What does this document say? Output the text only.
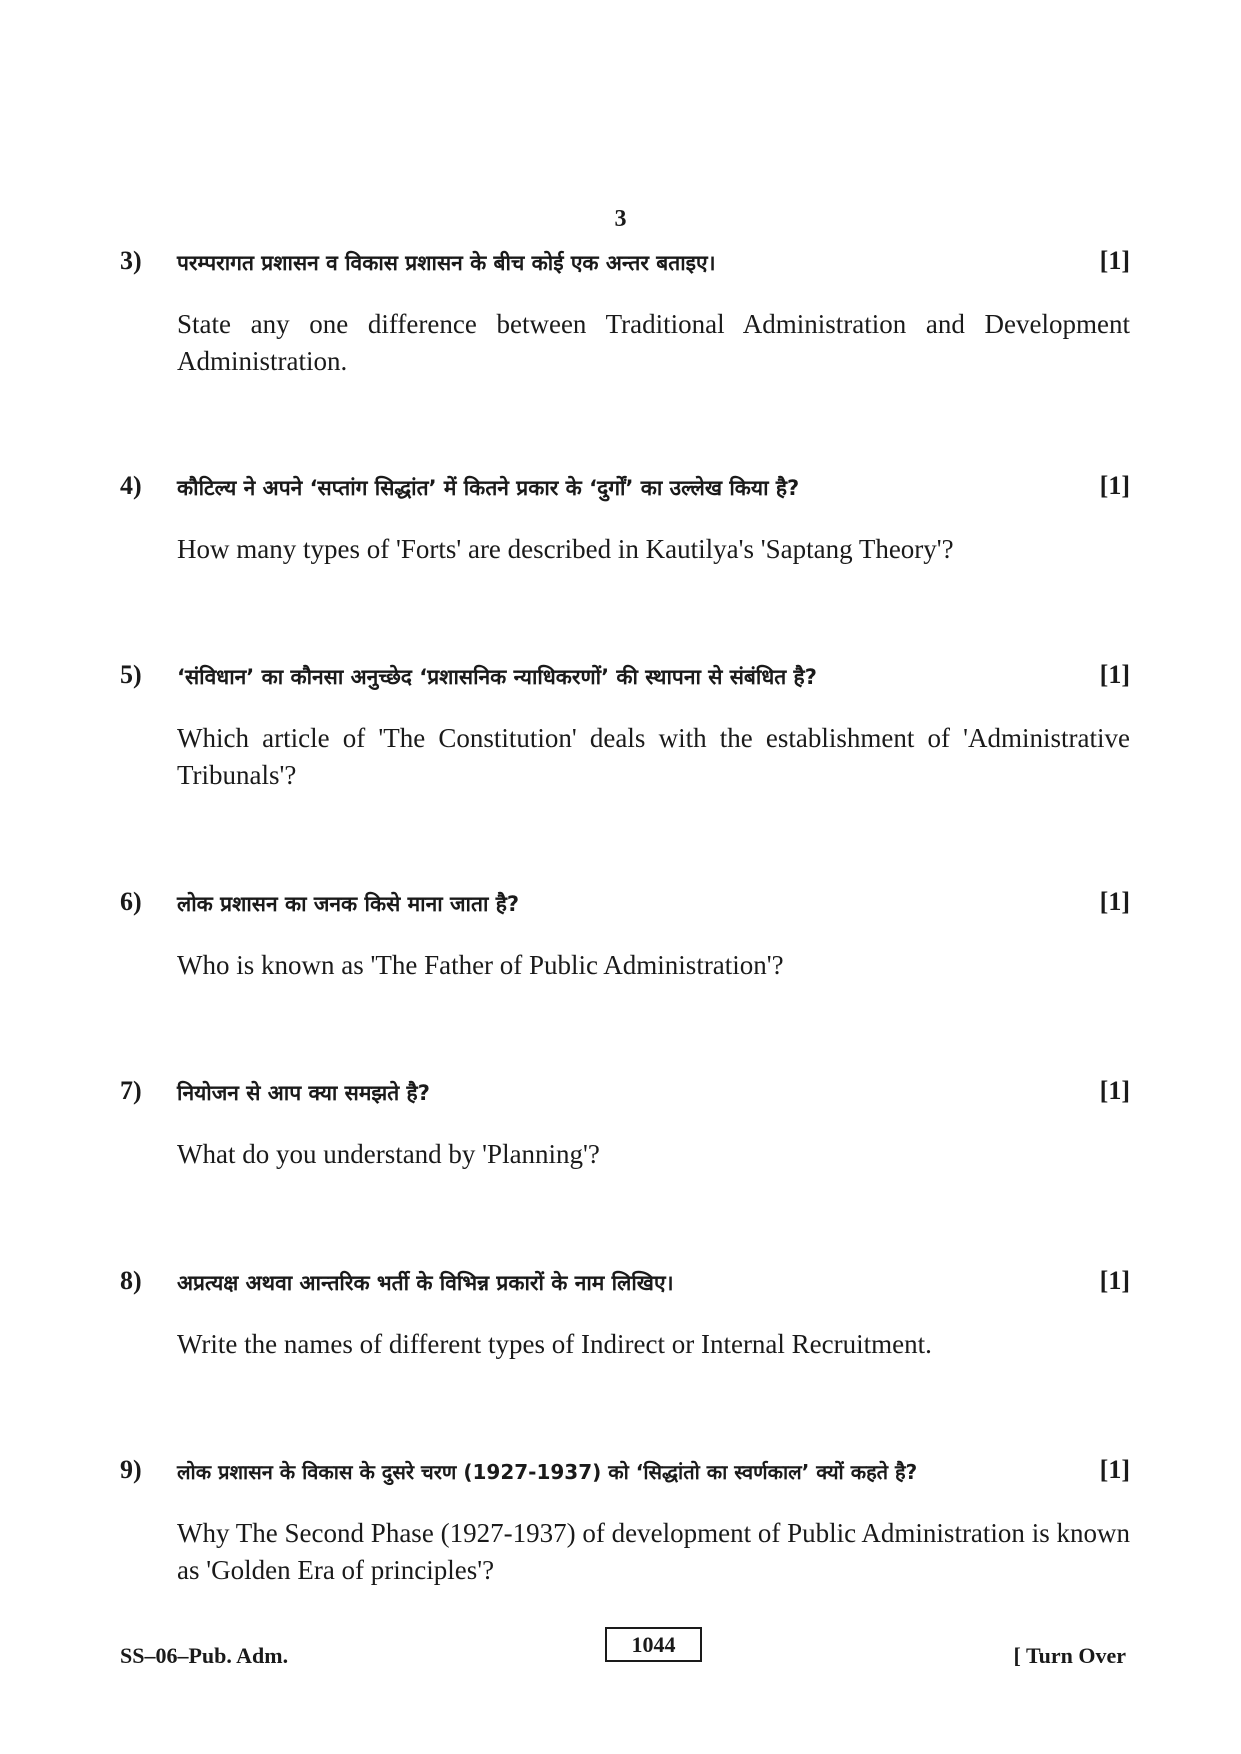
3
3) परम्परागत प्रशासन व विकास प्रशासन के बीच कोई एक अन्तर बताइए।	[1]
State any one difference between Traditional Administration and Development Administration.
4) कौटिल्य ने अपने ‘सप्तांग सिद्धांत’ में कितने प्रकार के ‘दुर्गों’ का उल्लेख किया है?	[1]
How many types of 'Forts' are described in Kautilya's 'Saptang Theory'?
5) ‘संविधान’ का कौनसा अनुच्छेद ‘प्रशासनिक न्याधिकरणों’ की स्थापना से संबंधित है?	[1]
Which article of 'The Constitution' deals with the establishment of 'Administrative Tribunals'?
6) लोक प्रशासन का जनक किसे माना जाता है?	[1]
Who is known as 'The Father of Public Administration'?
7) नियोजन से आप क्या समझते है?	[1]
What do you understand by 'Planning'?
8) अप्रत्यक्ष अथवा आन्तरिक भर्ती के विभिन्न प्रकारों के नाम लिखिए।	[1]
Write the names of different types of Indirect or Internal Recruitment.
9) लोक प्रशासन के विकास के दुसरे चरण (1927-1937) को ‘सिद्धांतो का स्वर्णकाल’ क्यों कहते है?	[1]
Why The Second Phase (1927-1937) of development of Public Administration is known as 'Golden Era of principles'?
SS–06–Pub. Adm.	1044	[ Turn Over
